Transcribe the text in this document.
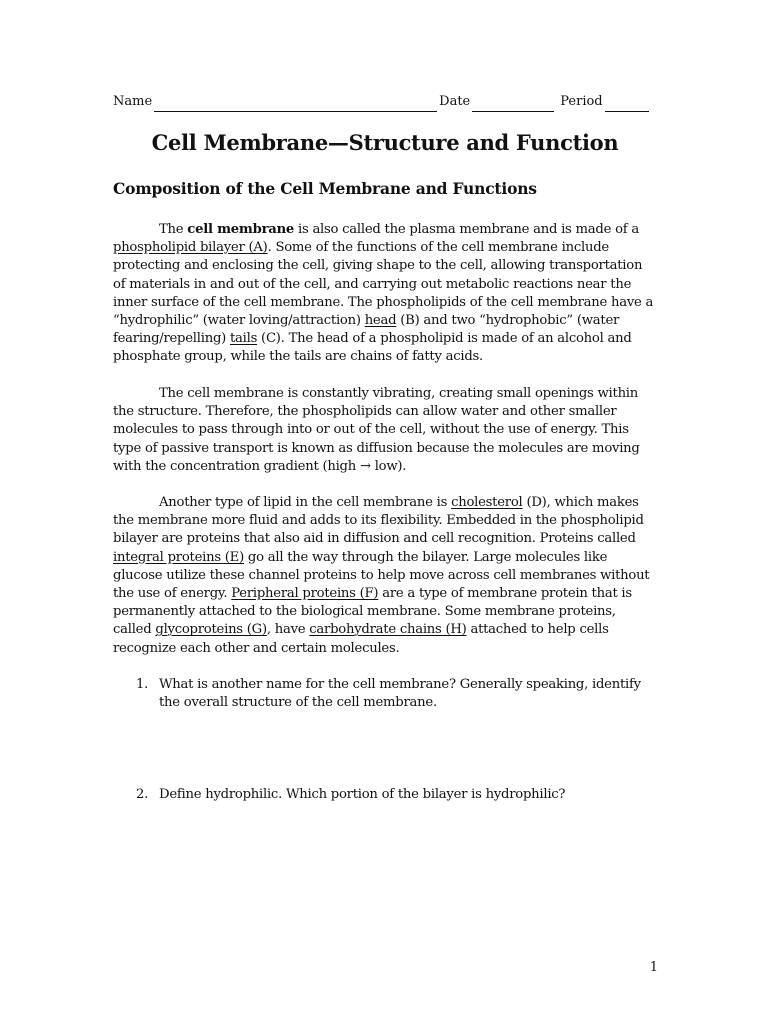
Name	Date	Period
Cell Membrane—Structure and Function
Composition of the Cell Membrane and Functions

The cell membrane is also called the plasma membrane and is made of a phospholipid bilayer (A). Some of the functions of the cell membrane include protecting and enclosing the cell, giving shape to the cell, allowing transportation of materials in and out of the cell, and carrying out metabolic reactions near the inner surface of the cell membrane. The phospholipids of the cell membrane have a “hydrophilic” (water loving/attraction) head (B) and two “hydrophobic” (water fearing/repelling) tails (C). The head of a phospholipid is made of an alcohol and phosphate group, while the tails are chains of fatty acids.

The cell membrane is constantly vibrating, creating small openings within the structure. Therefore, the phospholipids can allow water and other smaller molecules to pass through into or out of the cell, without the use of energy. This type of passive transport is known as diffusion because the molecules are moving with the concentration gradient (high → low).

Another type of lipid in the cell membrane is cholesterol (D), which makes the membrane more fluid and adds to its flexibility. Embedded in the phospholipid bilayer are proteins that also aid in diffusion and cell recognition. Proteins called integral proteins (E) go all the way through the bilayer. Large molecules like glucose utilize these channel proteins to help move across cell membranes without the use of energy. Peripheral proteins (F) are a type of membrane protein that is permanently attached to the biological membrane. Some membrane proteins, called glycoproteins (G), have carbohydrate chains (H) attached to help cells recognize each other and certain molecules.

1. What is another name for the cell membrane? Generally speaking, identify the overall structure of the cell membrane.
2. Define hydrophilic. Which portion of the bilayer is hydrophilic?
1
